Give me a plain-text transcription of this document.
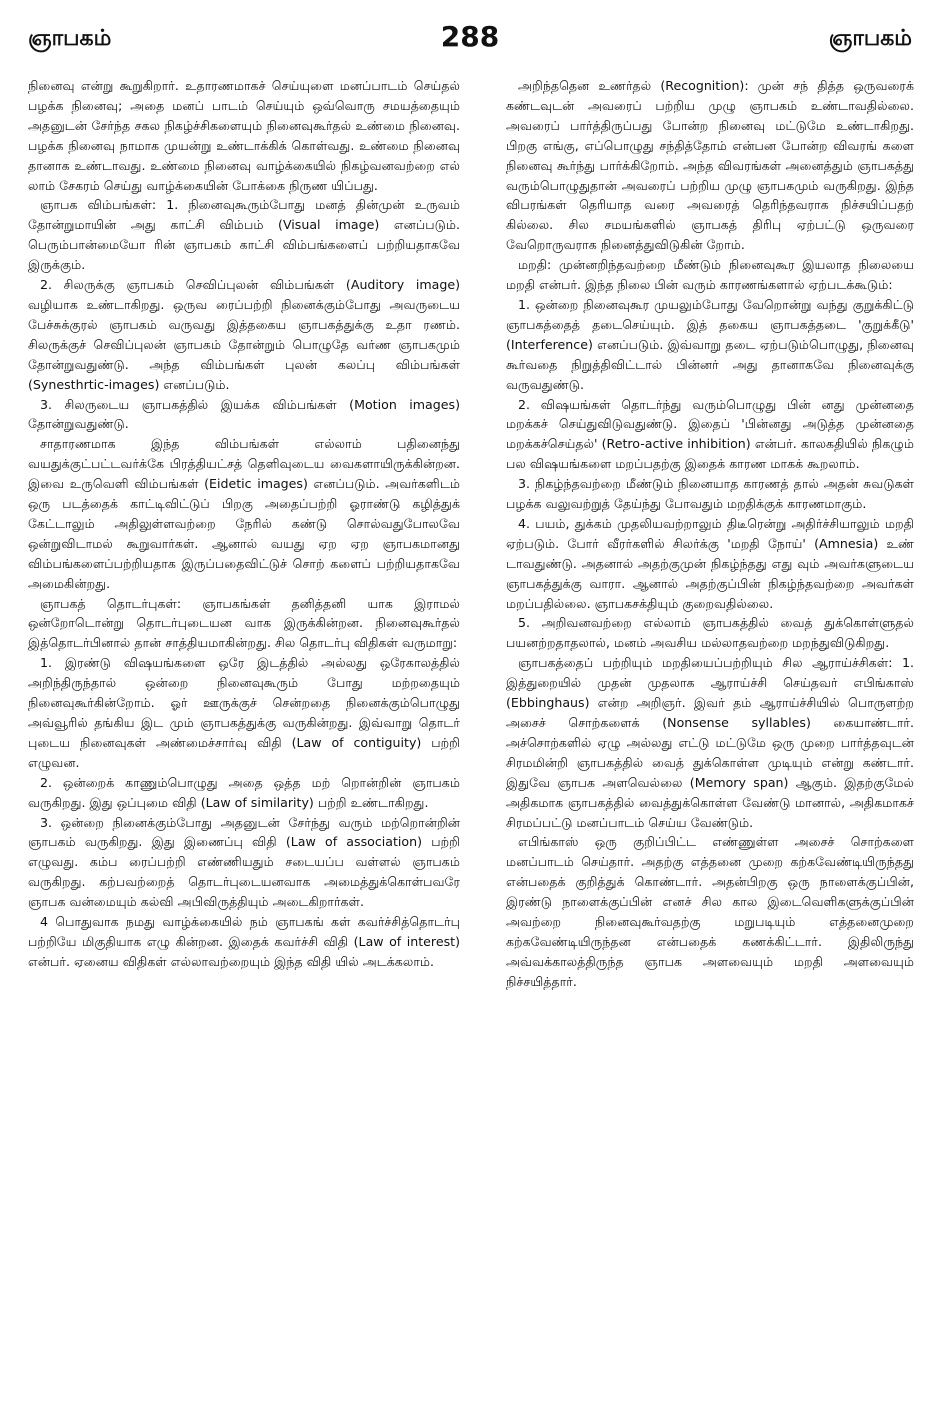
ஞாபகம்	288	ஞாபகம்

நினைவு என்று கூறுகிறார். உதாரணமாகச் செய்யுளை மனப்பாடம் செய்தல் பழக்க நினைவு; அதை மனப் பாடம் செய்யும் ஒவ்வொரு சமயத்தையும் அதனுடன் சேர்ந்த சகல நிகழ்ச்சிகளையும் நினைவுகூர்தல் உண்மை நினைவு. பழக்க நினைவு நாமாக முயன்று உண்டாக்கிக் கொள்வது. உண்மை நினைவு தானாக உண்டாவது. உண்மை நினைவு வாழ்க்கையில் நிகழ்வனவற்றை எல் லாம் சேகரம் செய்து வாழ்க்கையின் போக்கை நிருண யிப்பது.

ஞாபக விம்பங்கள்: 1. நினைவுகூரும்போது மனத் தின்முன் உருவம் தோன்றுமாயின் அது காட்சி விம்பம் (Visual image) எனப்படும். பெரும்பான்மையோ ரின் ஞாபகம் காட்சி விம்பங்களைப் பற்றியதாகவே இருக்கும்.

2. சிலருக்கு ஞாபகம் செவிப்புலன் விம்பங்கள் (Auditory image) வழியாக உண்டாகிறது. ஒருவ ரைப்பற்றி நினைக்கும்போது அவருடைய பேச்சுக்குரல் ஞாபகம் வருவது இத்தகைய ஞாபகத்துக்கு உதா ரணம். சிலருக்குச் செவிப்புலன் ஞாபகம் தோன்றும் பொழுதே வர்ண ஞாபகமும் தோன்றுவதுண்டு. அந்த விம்பங்கள் புலன் கலப்பு விம்பங்கள் (Synesthrtic-images) எனப்படும்.

3. சிலருடைய ஞாபகத்தில் இயக்க விம்பங்கள் (Motion images) தோன்றுவதுண்டு.

சாதாரணமாக இந்த விம்பங்கள் எல்லாம் பதினைந்து வயதுக்குட்பட்டவர்க்கே பிரத்தியட்சத் தெளிவுடைய வைகளாயிருக்கின்றன. இவை உருவெளி விம்பங்கள் (Eidetic images) எனப்படும். அவர்களிடம் ஒரு படத்தைக் காட்டிவிட்டுப் பிறகு அதைப்பற்றி ஓராண்டு கழித்துக் கேட்டாலும் அதிலுள்ளவற்றை நேரில் கண்டு சொல்வதுபோலவே ஒன்றுவிடாமல் கூறுவார்கள். ஆனால் வயது ஏற ஏற ஞாபகமானது விம்பங்களைப்பற்றியதாக இருப்பதைவிட்டுச் சொற் களைப் பற்றியதாகவே அமைகின்றது.

ஞாபகத் தொடர்புகள்: ஞாபகங்கள் தனித்தனி யாக இராமல் ஒன்றோடொன்று தொடர்புடையன வாக இருக்கின்றன. நினைவுகூர்தல் இத்தொடர்பினால் தான் சாத்தியமாகின்றது. சில தொடர்பு விதிகள் வருமாறு:

1. இரண்டு விஷயங்களை ஒரே இடத்தில் அல்லது ஒரேகாலத்தில் அறிந்திருந்தால் ஒன்றை நினைவுகூரும் போது மற்றதையும் நினைவுகூர்கின்றோம். ஓர் ஊருக்குச் சென்றதை நினைக்கும்பொழுது அவ்வூரில் தங்கிய இட மும் ஞாபகத்துக்கு வருகின்றது. இவ்வாறு தொடர் புடைய நினைவுகள் அண்மைச்சார்வு விதி (Law of contiguity) பற்றி எழுவன.

2. ஒன்றைக் காணும்பொழுது அதை ஒத்த மற் றொன்றின் ஞாபகம் வருகிறது. இது ஒப்புமை விதி (Law of similarity) பற்றி உண்டாகிறது.

3. ஒன்றை நினைக்கும்போது அதனுடன் சேர்ந்து வரும் மற்றொன்றின் ஞாபகம் வருகிறது. இது இணைப்பு விதி (Law of association) பற்றி எழுவது. கம்ப ரைப்பற்றி எண்ணியதும் சடையப்ப வள்ளல் ஞாபகம் வருகிறது. கற்பவற்றைத் தொடர்புடையனவாக அமைத்துக்கொள்பவரே ஞாபக வன்மையும் கல்வி அபிவிருத்தியும் அடைகிறார்கள்.

4 பொதுவாக நமது வாழ்க்கையில் நம் ஞாபகங் கள் கவர்ச்சித்தொடர்பு பற்றியே மிகுதியாக எழு கின்றன. இதைக் கவர்ச்சி விதி (Law of interest) என்பர். ஏனைய விதிகள் எல்லாவற்றையும் இந்த விதி யில் அடக்கலாம்.

அறிந்ததென உணர்தல் (Recognition): முன் சந் தித்த ஒருவரைக் கண்டவுடன் அவரைப் பற்றிய முழு ஞாபகம் உண்டாவதில்லை. அவரைப் பார்த்திருப்பது போன்ற நினைவு மட்டுமே உண்டாகிறது. பிறகு எங்கு, எப்பொழுது சந்தித்தோம் என்பன போன்ற விவரங் களை நினைவு கூர்ந்து பார்க்கிறோம். அந்த விவரங்கள் அனைத்தும் ஞாபகத்து வரும்பொழுதுதான் அவரைப் பற்றிய முழு ஞாபகமும் வருகிறது. இந்த விபரங்கள் தெரியாத வரை அவரைத் தெரிந்தவராக நிச்சயிப்பதற் கில்லை. சில சமயங்களில் ஞாபகத் திரிபு ஏற்பட்டு ஒருவரை வேறொருவராக நினைத்துவிடுகின் றோம்.

மறதி: முன்னறிந்தவற்றை மீண்டும் நினைவுகூர இயலாத நிலையை மறதி என்பர். இந்த நிலை பின் வரும் காரணங்களால் ஏற்படக்கூடும்:

1. ஒன்றை நினைவுகூர முயலும்போது வேறொன்று வந்து குறுக்கிட்டு ஞாபகத்தைத் தடைசெய்யும். இத் தகைய ஞாபகத்தடை 'குறுக்கீடு' (Interference) எனப்படும். இவ்வாறு தடை ஏற்படும்பொழுது, நினைவு கூர்வதை நிறுத்திவிட்டால் பின்னர் அது தானாகவே நினைவுக்கு வருவதுண்டு.

2. விஷயங்கள் தொடர்ந்து வரும்பொழுது பின் னது முன்னதை மறக்கச் செய்துவிடுவதுண்டு. இதைப் 'பின்னது அடுத்த முன்னதை மறக்கச்செய்தல்' (Retro-active inhibition) என்பர். காலகதியில் நிகழும் பல விஷயங்களை மறப்பதற்கு இதைக் காரண மாகக் கூறலாம்.

3. நிகழ்ந்தவற்றை மீண்டும் நினையாத காரணத் தால் அதன் சுவடுகள் பழக்க வலுவற்றுத் தேய்ந்து போவதும் மறதிக்குக் காரணமாகும்.

4. பயம், துக்கம் முதலியவற்றாலும் திடீரென்று அதிர்ச்சியாலும் மறதி ஏற்படும். போர் வீரர்களில் சிலர்க்கு 'மறதி நோய்' (Amnesia) உண் டாவதுண்டு. அதனால் அதற்குமுன் நிகழ்ந்தது எது வும் அவர்களுடைய ஞாபகத்துக்கு வாரா. ஆனால் அதற்குப்பின் நிகழ்ந்தவற்றை அவர்கள் மறப்பதில்லை. ஞாபகசக்தியும் குறைவதில்லை.

5. அறிவனவற்றை எல்லாம் ஞாபகத்தில் வைத் துக்கொள்ளுதல் பயனற்றதாதலால், மனம் அவசிய மல்லாதவற்றை மறந்துவிடுகிறது.

ஞாபகத்தைப் பற்றியும் மறதியைப்பற்றியும் சில ஆராய்ச்சிகள்: 1. இத்துறையில் முதன் முதலாக ஆராய்ச்சி செய்தவர் எபிங்காஸ் (Ebbinghaus) என்ற அறிஞர். இவர் தம் ஆராய்ச்சியில் பொருளற்ற அசைச் சொற்களைக் (Nonsense syllables) கையாண்டார். அச்சொற்களில் ஏழு அல்லது எட்டு மட்டுமே ஒரு முறை பார்த்தவுடன் சிரமமின்றி ஞாபகத்தில் வைத் துக்கொள்ள முடியும் என்று கண்டார். இதுவே ஞாபக அளவெல்லை (Memory span) ஆகும். இதற்குமேல் அதிகமாக ஞாபகத்தில் வைத்துக்கொள்ள வேண்டு மானால், அதிகமாகச் சிரமப்பட்டு மனப்பாடம் செய்ய வேண்டும்.

எபிங்காஸ் ஒரு குறிப்பிட்ட எண்ணுள்ள அசைச் சொற்களை மனப்பாடம் செய்தார். அதற்கு எத்தனை முறை கற்கவேண்டியிருந்தது என்பதைக் குறித்துக் கொண்டார். அதன்பிறகு ஒரு நாளைக்குப்பின், இரண்டு நாளைக்குப்பின் எனச் சில கால இடைவெளிகளுக்குப்பின் அவற்றை நினைவுகூர்வதற்கு மறுபடியும் எத்தனைமுறை கற்கவேண்டியிருந்தன என்பதைக் கணக்கிட்டார். இதிலிருந்து அவ்வக்காலத்திருந்த ஞாபக அளவையும் மறதி அளவையும் நிச்சயித்தார்.
